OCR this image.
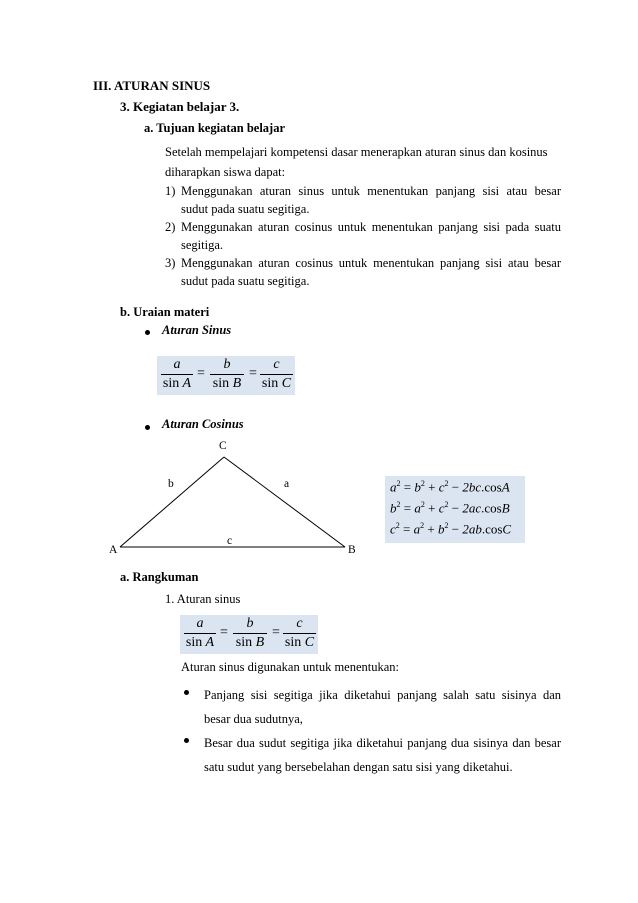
III. ATURAN SINUS
3. Kegiatan belajar 3.
a. Tujuan kegiatan belajar
Setelah mempelajari kompetensi dasar menerapkan aturan sinus dan kosinus
diharapkan siswa dapat:
1) Menggunakan aturan sinus untuk menentukan panjang sisi atau besar
sudut pada suatu segitiga.
2) Menggunakan aturan cosinus untuk menentukan panjang sisi pada suatu
segitiga.
3) Menggunakan aturan cosinus untuk menentukan panjang sisi atau besar
sudut pada suatu segitiga.
b. Uraian materi
Aturan Sinus
a
sin A
=
b
sin B
=
c
sin C
Aturan Cosinus
C
A	B
b	a
c
$a^2 = b^2 + c^2 - 2bc.\cos A$
$b^2 = a^2 + c^2 - 2ac.\cos B$
$c^2 = a^2 + b^2 - 2ab.\cos C$
a. Rangkuman
1. Aturan sinus
a
sin A
=
b
sin B
=
c
sin C
Aturan sinus digunakan untuk menentukan:
Panjang sisi segitiga jika diketahui panjang salah satu sisinya dan
besar dua sudutnya,
Besar dua sudut segitiga jika diketahui panjang dua sisinya dan besar
satu sudut yang bersebelahan dengan satu sisi yang diketahui.
